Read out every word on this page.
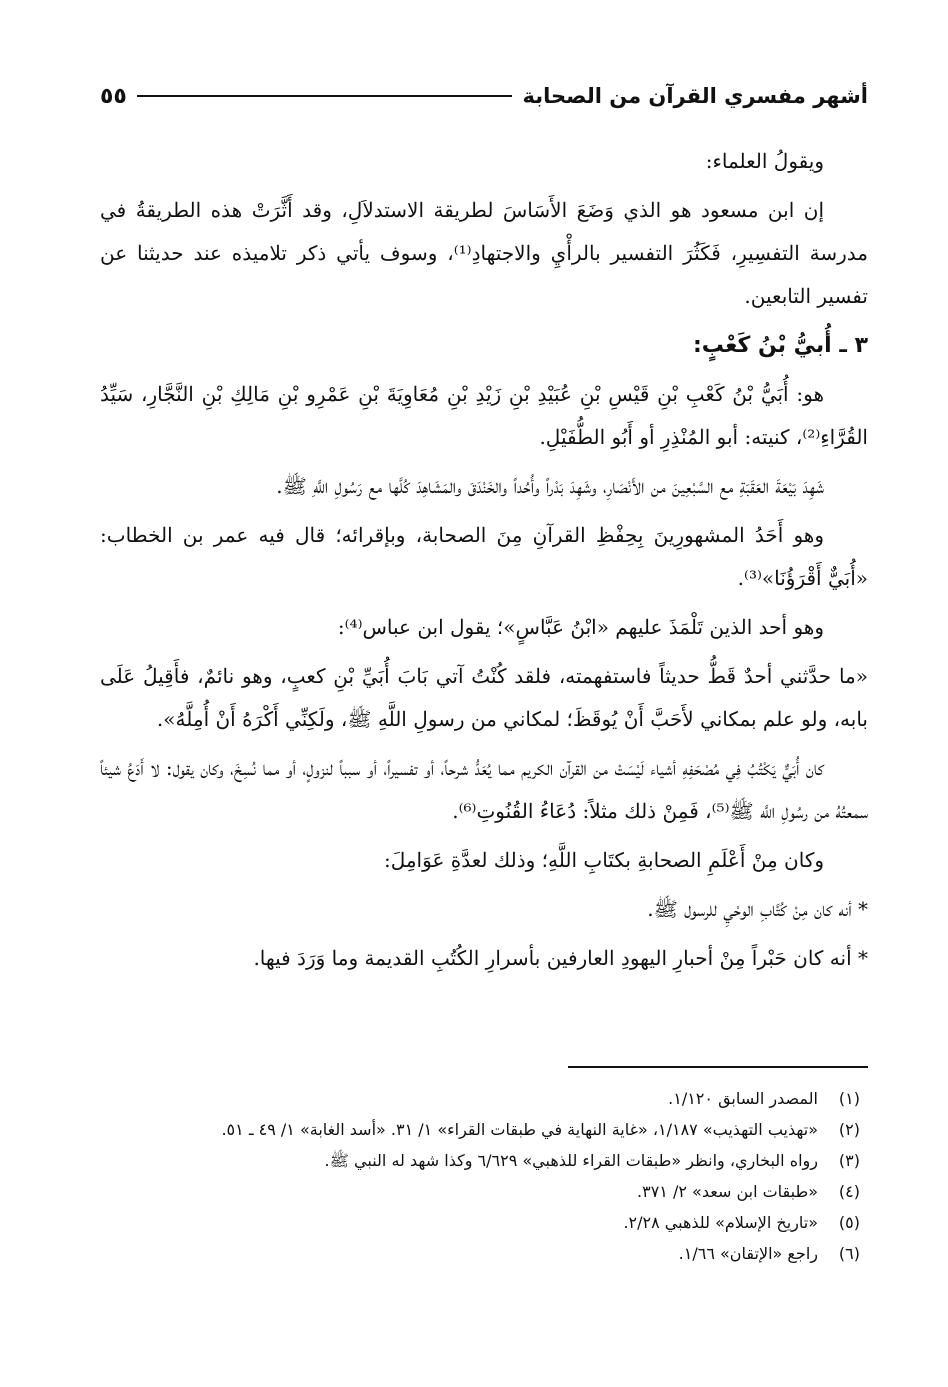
أشهر مفسري القرآن من الصحابة
٥٥

ويقولُ العلماء:

إن ابن مسعود هو الذي وَضَعَ الأَسَاسَ لطريقة الاستدلاَلِ، وقد أَثَّرَتْ هذه الطريقةُ في مدرسة التفسِيرِ، فَكَثُرَ التفسير بالرأْيِ والاجتهادِ⁽¹⁾، وسوف يأتي ذكر تلاميذه عند حديثنا عن تفسير التابعين.

٣ ـ أُبيُّ بْنُ كَعْبٍ:

هو: أُبَيُّ بْنُ كَعْبِ بْنِ قَيْسِ بْنِ عُبَيْدِ بْنِ زَيْدِ بْنِ مُعَاوِيَةَ بْنِ عَمْرِو بْنِ مَالِكِ بْنِ النَّجَّارِ، سَيِّدُ القُرَّاءِ⁽²⁾، كنيته: أبو المُنْذِرِ أو أَبُو الطُّفَيْلِ.

شَهِدَ بَيْعَةَ العَقَبَةِ مع السَّبْعِينَ من الأَنْصَارِ، وشَهِدَ بَدْراً وأُحُداً والخَنْدَقَ والمَشَاهِدَ كُلَّها مع رَسُولِ اللَّهِ ﷺ.

وهو أَحَدُ المشهورِينَ بِحِفْظِ القرآنِ مِنَ الصحابة، وبإقرائه؛ قال فيه عمر بن الخطاب: «أُبَيٌّ أَقْرَؤُنَا»⁽³⁾.

وهو أحد الذين تَلْمَذَ عليهم «ابْنُ عَبَّاسٍ»؛ يقول ابن عباس⁽⁴⁾:

«ما حدَّثني أحدٌ قَطُّ حديثاً فاستفهمته، فلقد كُنْتُ آتي بَابَ أُبَيِّ بْنِ كعبٍ، وهو نائمٌ، فأَقِيلُ عَلَى بابه، ولو علم بمكاني لأَحَبَّ أَنْ يُوقَظَ؛ لمكاني من رسولِ اللَّهِ ﷺ، ولَكِنِّي أَكْرَهُ أَنْ أُمِلَّهُ».

كان أُبَيٌّ يَكْتُبُ فِي مُصْحَفِهِ أشياء لَيْسَتْ من القرآن الكريم مما يُعَدُّ شرحاً، أو تفسيراً، أو سبباً لنزولٍ، أو مما نُسِخَ، وكان يقول: لا أَدَعُ شيئاً سمعتُهُ من رسُولِ اللَّه ﷺ⁽⁵⁾، فَمِنْ ذلك مثلاً: دُعَاءُ القُنُوتِ⁽⁶⁾.

وكان مِنْ أَعْلَمِ الصحابةِ بكتَابِ اللَّهِ؛ وذلك لعدَّةِ عَوَامِلَ:

* أنه كان مِنْ كُتَّابِ الوحْيِ للرسول ﷺ.

* أنه كان حَبْراً مِنْ أحبارِ اليهودِ العارفين بأسرارِ الكُتُبِ القديمة وما وَرَدَ فيها.

(١)
المصدر السابق ١/١٢٠.
(٢)
«تهذيب التهذيب» ١/١٨٧، «غاية النهاية في طبقات القراء» ١/ ٣١. «أسد الغابة» ١/ ٤٩ ـ ٥١.
(٣)
رواه البخاري، وانظر «طبقات القراء للذهبي» ٦/٦٢٩ وكذا شهد له النبي ﷺ.
(٤)
«طبقات ابن سعد» ٢/ ٣٧١.
(٥)
«تاريخ الإسلام» للذهبي ٢/٢٨.
(٦)
راجع «الإتقان» ١/٦٦.
